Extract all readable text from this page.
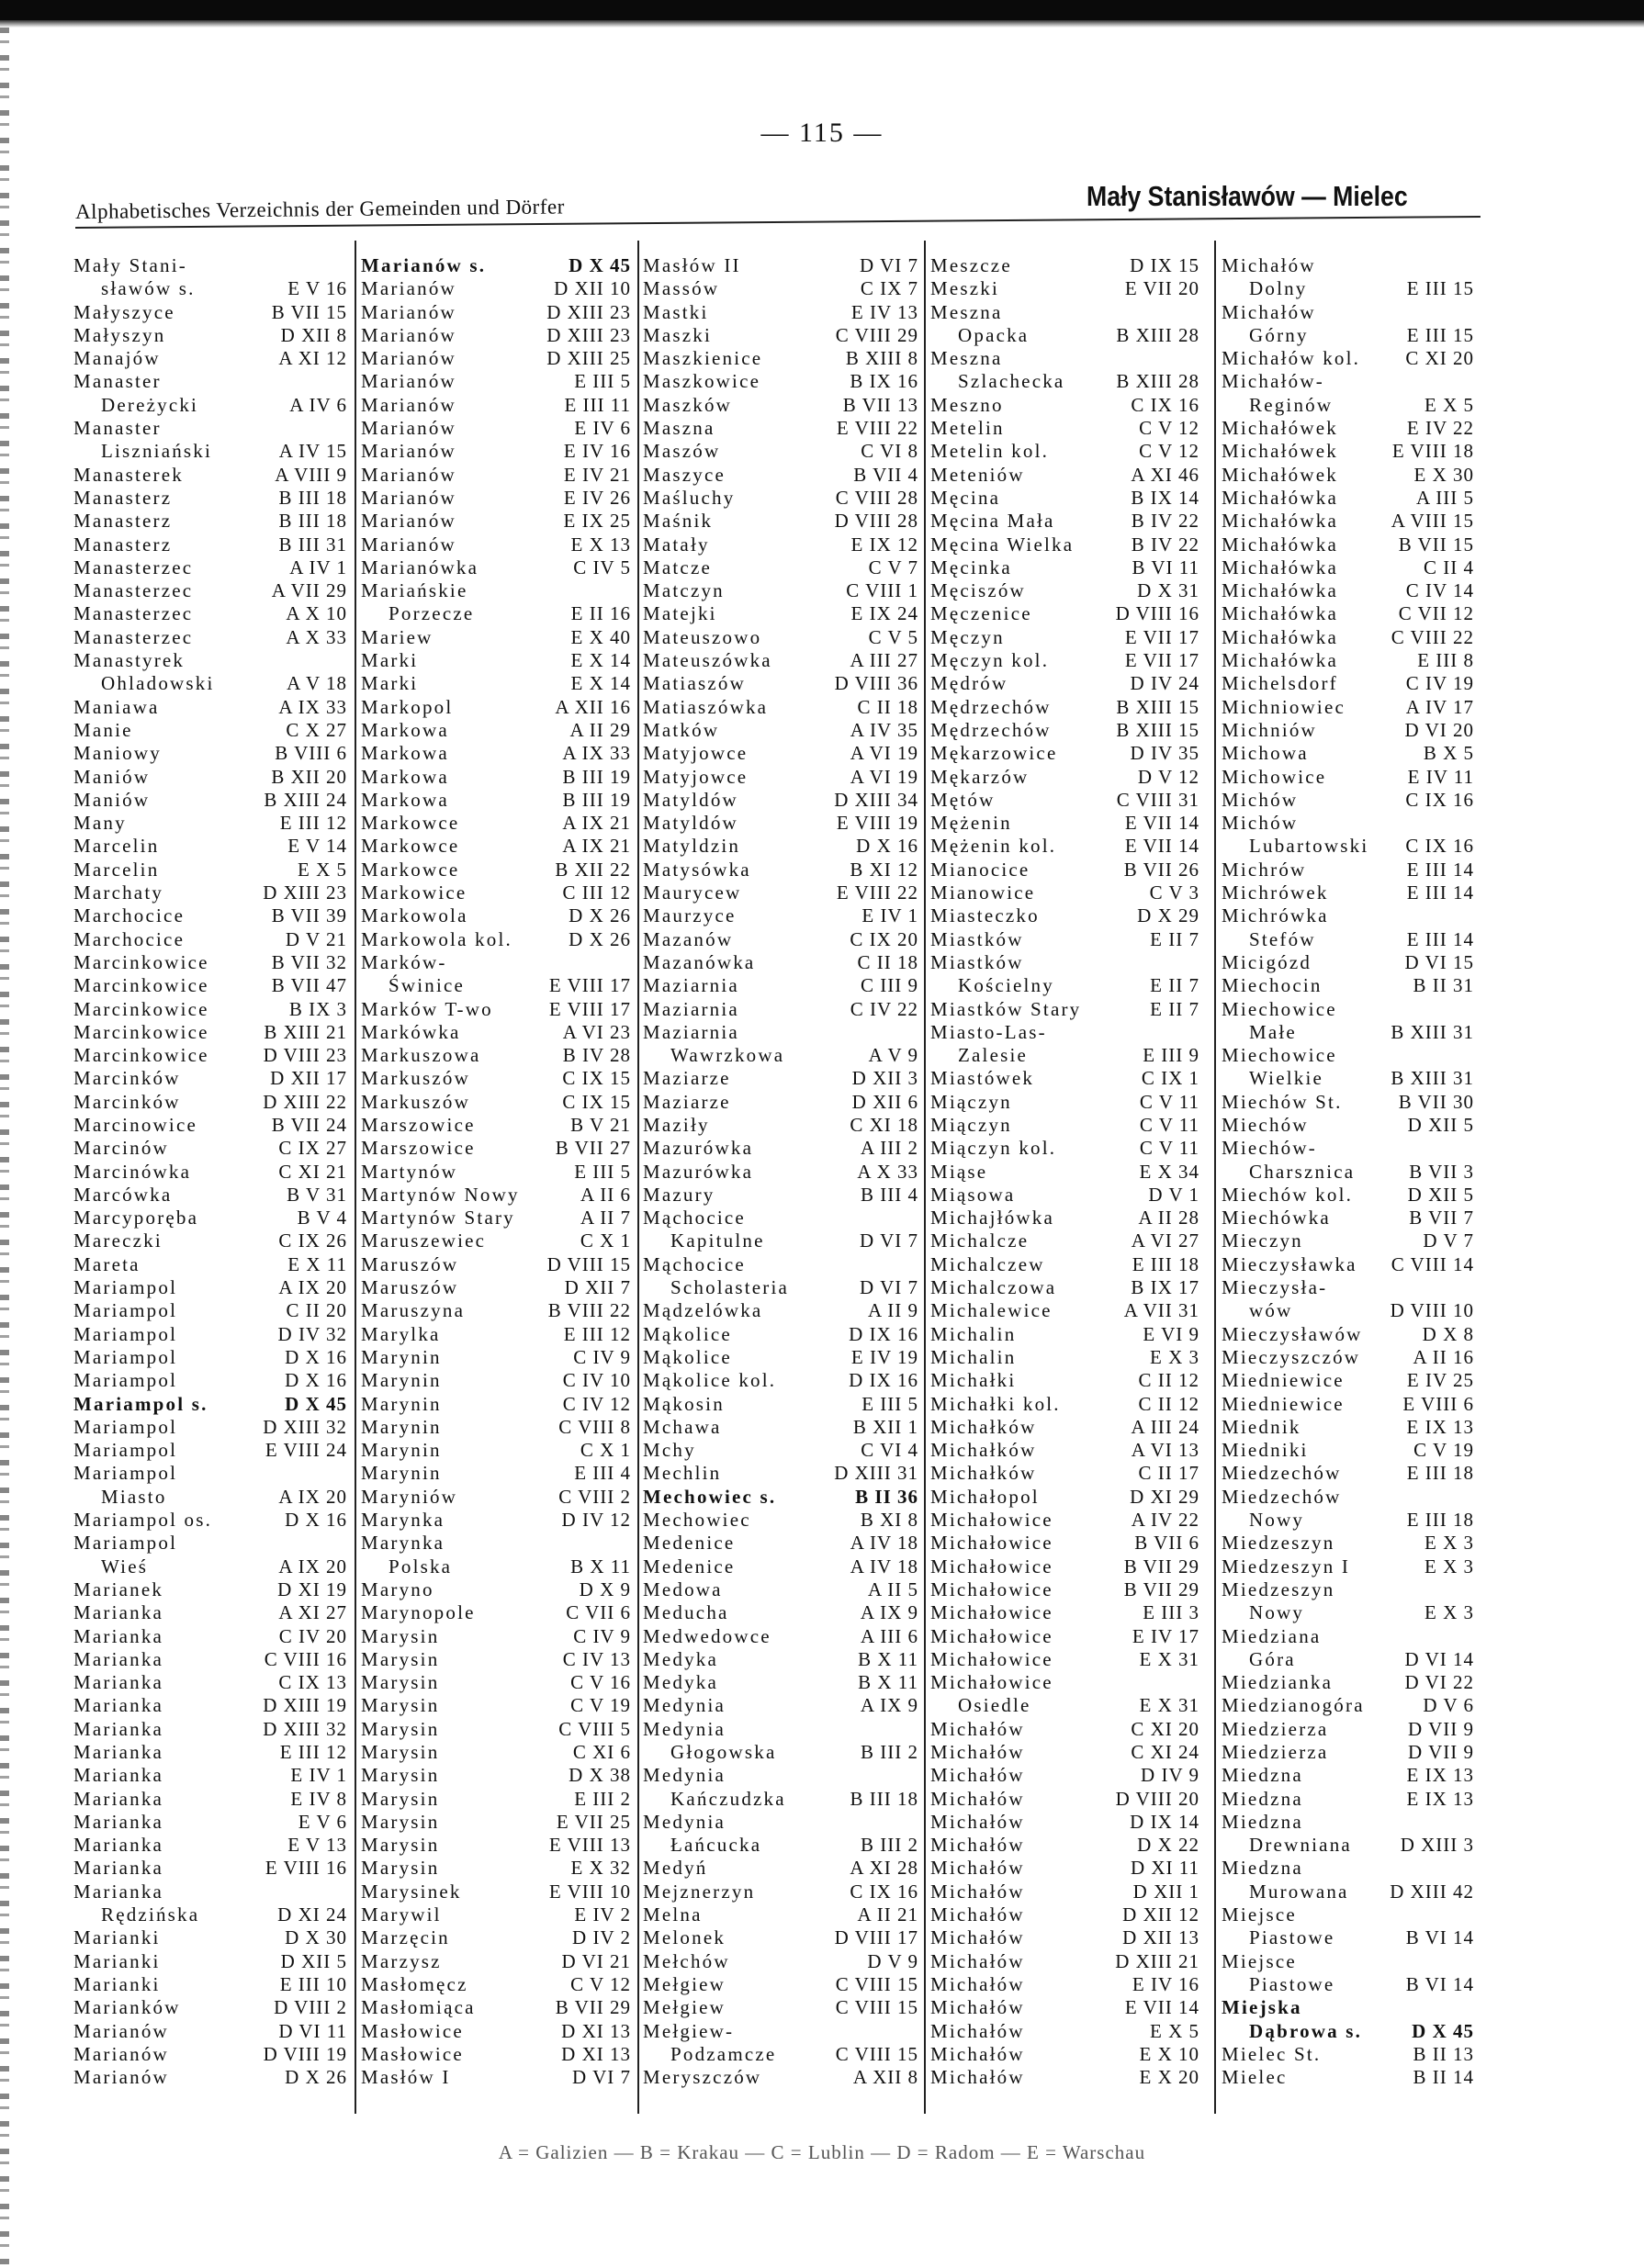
— 115 —
Alphabetisches Verzeichnis der Gemeinden und Dörfer	Mały Stanisławów — Mielec
Mały Stani-
sławów s.	E V 16
Małyszyce	B VII 15
Małyszyn	D XII 8
Manajów	A XI 12
Manaster
Dereżycki	A IV 6
Manaster
Liszniański	A IV 15
Manasterek	A VIII 9
Manasterz	B III 18
Manasterz	B III 18
Manasterz	B III 31
Manasterzec	A IV 1
Manasterzec	A VII 29
Manasterzec	A X 10
Manasterzec	A X 33
Manastyrek
Ohladowski	A V 18
Maniawa	A IX 33
Manie	C X 27
Maniowy	B VIII 6
Maniów	B XII 20
Maniów	B XIII 24
Many	E III 12
Marcelin	E V 14
Marcelin	E X 5
Marchaty	D XIII 23
Marchocice	B VII 39
Marchocice	D V 21
Marcinkowice	B VII 32
Marcinkowice	B VII 47
Marcinkowice	B IX 3
Marcinkowice	B XIII 21
Marcinkowice	D VIII 23
Marcinków	D XII 17
Marcinków	D XIII 22
Marcinowice	B VII 24
Marcinów	C IX 27
Marcinówka	C XI 21
Marcówka	B V 31
Marcyporęba	B V 4
Mareczki	C IX 26
Mareta	E X 11
Mariampol	A IX 20
Mariampol	C II 20
Mariampol	D IV 32
Mariampol	D X 16
Mariampol	D X 16
Mariampol s.	D X 45
Mariampol	D XIII 32
Mariampol	E VIII 24
Mariampol
Miasto	A IX 20
Mariampol os.	D X 16
Mariampol
Wieś	A IX 20
Marianek	D XI 19
Marianka	A XI 27
Marianka	C IV 20
Marianka	C VIII 16
Marianka	C IX 13
Marianka	D XIII 19
Marianka	D XIII 32
Marianka	E III 12
Marianka	E IV 1
Marianka	E IV 8
Marianka	E V 6
Marianka	E V 13
Marianka	E VIII 16
Marianka
Rędzińska	D XI 24
Marianki	D X 30
Marianki	D XII 5
Marianki	E III 10
Marianków	D VIII 2
Marianów	D VI 11
Marianów	D VIII 19
Marianów	D X 26
Marianów s.	D X 45
Marianów	D XII 10
Marianów	D XIII 23
Marianów	D XIII 23
Marianów	D XIII 25
Marianów	E III 5
Marianów	E III 11
Marianów	E IV 6
Marianów	E IV 16
Marianów	E IV 21
Marianów	E IV 26
Marianów	E IX 25
Marianów	E X 13
Marianówka	C IV 5
Mariańskie
Porzecze	E II 16
Mariew	E X 40
Marki	E X 14
Marki	E X 14
Markopol	A XII 16
Markowa	A II 29
Markowa	A IX 33
Markowa	B III 19
Markowa	B III 19
Markowce	A IX 21
Markowce	A IX 21
Markowce	B XII 22
Markowice	C III 12
Markowola	D X 26
Markowola kol.	D X 26
Marków-
Świnice	E VIII 17
Marków T-wo	E VIII 17
Markówka	A VI 23
Markuszowa	B IV 28
Markuszów	C IX 15
Markuszów	C IX 15
Marszowice	B V 21
Marszowice	B VII 27
Martynów	E III 5
Martynów Nowy	A II 6
Martynów Stary	A II 7
Maruszewiec	C X 1
Maruszów	D VIII 15
Maruszów	D XII 7
Maruszyna	B VIII 22
Marylka	E III 12
Marynin	C IV 9
Marynin	C IV 10
Marynin	C IV 12
Marynin	C VIII 8
Marynin	C X 1
Marynin	E III 4
Maryniów	C VIII 2
Marynka	D IV 12
Marynka
Polska	B X 11
Maryno	D X 9
Marynopole	C VII 6
Marysin	C IV 9
Marysin	C IV 13
Marysin	C V 16
Marysin	C V 19
Marysin	C VIII 5
Marysin	C XI 6
Marysin	D X 38
Marysin	E III 2
Marysin	E VII 25
Marysin	E VIII 13
Marysin	E X 32
Marysinek	E VIII 10
Marywil	E IV 2
Marzęcin	D IV 2
Marzysz	D VI 21
Masłomęcz	C V 12
Masłomiąca	B VII 29
Masłowice	D XI 13
Masłowice	D XI 13
Masłów I	D VI 7
Masłów II	D VI 7
Massów	C IX 7
Mastki	E IV 13
Maszki	C VIII 29
Maszkienice	B XIII 8
Maszkowice	B IX 16
Maszków	B VII 13
Maszna	E VIII 22
Maszów	C VI 8
Maszyce	B VII 4
Maśluchy	C VIII 28
Maśnik	D VIII 28
Matały	E IX 12
Matcze	C V 7
Matczyn	C VIII 1
Matejki	E IX 24
Mateuszowo	C V 5
Mateuszówka	A III 27
Matiaszów	D VIII 36
Matiaszówka	C II 18
Matków	A IV 35
Matyjowce	A VI 19
Matyjowce	A VI 19
Matyldów	D XIII 34
Matyldów	E VIII 19
Matyldzin	D X 16
Matysówka	B XI 12
Maurycew	E VIII 22
Maurzyce	E IV 1
Mazanów	C IX 20
Mazanówka	C II 18
Maziarnia	C III 9
Maziarnia	C IV 22
Maziarnia
Wawrzkowa	A V 9
Maziarze	D XII 3
Maziarze	D XII 6
Maziły	C XI 18
Mazurówka	A III 2
Mazurówka	A X 33
Mazury	B III 4
Mąchocice
Kapitulne	D VI 7
Mąchocice
Scholasteria	D VI 7
Mądzelówka	A II 9
Mąkolice	D IX 16
Mąkolice	E IV 19
Mąkolice kol.	D IX 16
Mąkosin	E III 5
Mchawa	B XII 1
Mchy	C VI 4
Mechlin	D XIII 31
Mechowiec s.	B II 36
Mechowiec	B XI 8
Medenice	A IV 18
Medenice	A IV 18
Medowa	A II 5
Meducha	A IX 9
Medwedowce	A III 6
Medyka	B X 11
Medyka	B X 11
Medynia	A IX 9
Medynia
Głogowska	B III 2
Medynia
Kańczudzka	B III 18
Medynia
Łańcucka	B III 2
Medyń	A XI 28
Mejznerzyn	C IX 16
Melna	A II 21
Melonek	D VIII 17
Mełchów	D V 9
Mełgiew	C VIII 15
Mełgiew	C VIII 15
Mełgiew-
Podzamcze	C VIII 15
Meryszczów	A XII 8
Meszcze	D IX 15
Meszki	E VII 20
Meszna
Opacka	B XIII 28
Meszna
Szlachecka	B XIII 28
Meszno	C IX 16
Metelin	C V 12
Metelin kol.	C V 12
Meteniów	A XI 46
Męcina	B IX 14
Męcina Mała	B IV 22
Męcina Wielka	B IV 22
Męcinka	B VI 11
Męciszów	D X 31
Męczenice	D VIII 16
Męczyn	E VII 17
Męczyn kol.	E VII 17
Mędrów	D IV 24
Mędrzechów	B XIII 15
Mędrzechów	B XIII 15
Mękarzowice	D IV 35
Mękarzów	D V 12
Mętów	C VIII 31
Mężenin	E VII 14
Mężenin kol.	E VII 14
Mianocice	B VII 26
Mianowice	C V 3
Miasteczko	D X 29
Miastków	E II 7
Miastków
Kościelny	E II 7
Miastków Stary	E II 7
Miasto-Las-
Zalesie	E III 9
Miastówek	C IX 1
Miączyn	C V 11
Miączyn	C V 11
Miączyn kol.	C V 11
Miąse	E X 34
Miąsowa	D V 1
Michajłówka	A II 28
Michalcze	A VI 27
Michalczew	E III 18
Michalczowa	B IX 17
Michalewice	A VII 31
Michalin	E VI 9
Michalin	E X 3
Michałki	C II 12
Michałki kol.	C II 12
Michałków	A III 24
Michałków	A VI 13
Michałków	C II 17
Michałopol	D XI 29
Michałowice	A IV 22
Michałowice	B VII 6
Michałowice	B VII 29
Michałowice	B VII 29
Michałowice	E III 3
Michałowice	E IV 17
Michałowice	E X 31
Michałowice
Osiedle	E X 31
Michałów	C XI 20
Michałów	C XI 24
Michałów	D IV 9
Michałów	D VIII 20
Michałów	D IX 14
Michałów	D X 22
Michałów	D XI 11
Michałów	D XII 1
Michałów	D XII 12
Michałów	D XII 13
Michałów	D XIII 21
Michałów	E IV 16
Michałów	E VII 14
Michałów	E X 5
Michałów	E X 10
Michałów	E X 20
Michałów
Dolny	E III 15
Michałów
Górny	E III 15
Michałów kol. C XI 20
Michałów-
Reginów	E X 5
Michałówek	E IV 22
Michałówek	E VIII 18
Michałówek	E X 30
Michałówka	A III 5
Michałówka	A VIII 15
Michałówka	B VII 15
Michałówka	C II 4
Michałówka	C IV 14
Michałówka	C VII 12
Michałówka	C VIII 22
Michałówka	E III 8
Michelsdorf	C IV 19
Michniowiec	A IV 17
Michniów	D VI 20
Michowa	B X 5
Michowice	E IV 11
Michów	C IX 16
Michów
Lubartowski C IX 16
Michrów	E III 14
Michrówek	E III 14
Michrówka
Stefów	E III 14
Micigózd	D VI 15
Miechocin	B II 31
Miechowice
Małe	B XIII 31
Miechowice
Wielkie	B XIII 31
Miechów St.	B VII 30
Miechów	D XII 5
Miechów-
Charsznica	B VII 3
Miechów kol.	D XII 5
Miechówka	B VII 7
Mieczyn	D V 7
Mieczysławka C VIII 14
Mieczysła-
wów	D VIII 10
Mieczysławów	D X 8
Mieczyszczów	A II 16
Miedniewice	E IV 25
Miedniewice	E VIII 6
Miednik	E IX 13
Miedniki	C V 19
Miedzechów	E III 18
Miedzechów
Nowy	E III 18
Miedzeszyn	E X 3
Miedzeszyn I	E X 3
Miedzeszyn
Nowy	E X 3
Miedziana
Góra	D VI 14
Miedzianka	D VI 22
Miedzianogóra	D V 6
Miedzierza	D VII 9
Miedzierza	D VII 9
Miedzna	E IX 13
Miedzna	E IX 13
Miedzna
Drewniana	D XIII 3
Miedzna
Murowana D XIII 42
Miejsce
Piastowe	B VI 14
Miejsce
Piastowe	B VI 14
Miejska
Dąbrowa s.	D X 45
Mielec St.	B II 13
Mielec	B II 14
A = Galizien — B = Krakau — C = Lublin — D = Radom — E = Warschau
